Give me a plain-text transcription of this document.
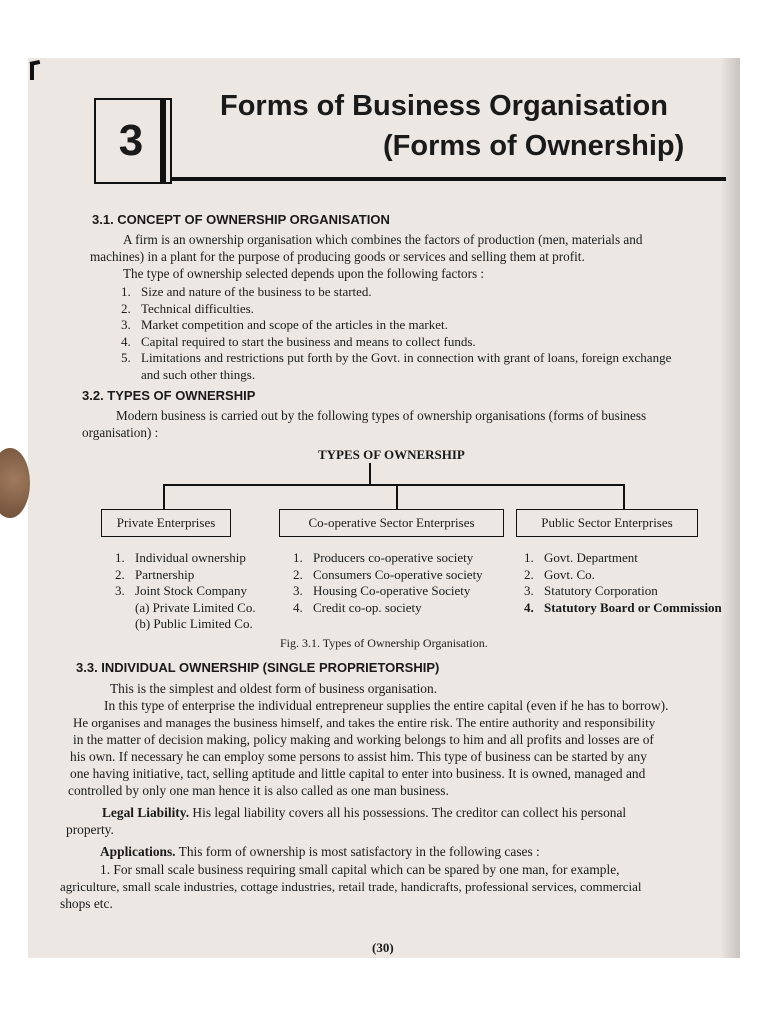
3
Forms of Business Organisation
(Forms of Ownership)
3.1. CONCEPT OF OWNERSHIP ORGANISATION
A firm is an ownership organisation which combines the factors of production (men, materials and
machines) in a plant for the purpose of producing goods or services and selling them at profit.
The type of ownership selected depends upon the following factors :
1. Size and nature of the business to be started.
2. Technical difficulties.
3. Market competition and scope of the articles in the market.
4. Capital required to start the business and means to collect funds.
5. Limitations and restrictions put forth by the Govt. in connection with grant of loans, foreign exchange
and such other things.
3.2. TYPES OF OWNERSHIP
Modern business is carried out by the following types of ownership organisations (forms of business
organisation) :
TYPES OF OWNERSHIP
Private Enterprises	Co-operative Sector Enterprises	Public Sector Enterprises
1. Individual ownership
2. Partnership
3. Joint Stock Company
(a) Private Limited Co.
(b) Public Limited Co.
1. Producers co-operative society
2. Consumers Co-operative society
3. Housing Co-operative Society
4. Credit co-op. society
1. Govt. Department
2. Govt. Co.
3. Statutory Corporation
4. Statutory Board or Commission
Fig. 3.1. Types of Ownership Organisation.
3.3. INDIVIDUAL OWNERSHIP (SINGLE PROPRIETORSHIP)
This is the simplest and oldest form of business organisation.
In this type of enterprise the individual entrepreneur supplies the entire capital (even if he has to borrow).
He organises and manages the business himself, and takes the entire risk. The entire authority and responsibility
in the matter of decision making, policy making and working belongs to him and all profits and losses are of
his own. If necessary he can employ some persons to assist him. This type of business can be started by any
one having initiative, tact, selling aptitude and little capital to enter into business. It is owned, managed and
controlled by only one man hence it is also called as one man business.
Legal Liability. His legal liability covers all his possessions. The creditor can collect his personal
property.
Applications. This form of ownership is most satisfactory in the following cases :
1. For small scale business requiring small capital which can be spared by one man, for example,
agriculture, small scale industries, cottage industries, retail trade, handicrafts, professional services, commercial
shops etc.
(30)
